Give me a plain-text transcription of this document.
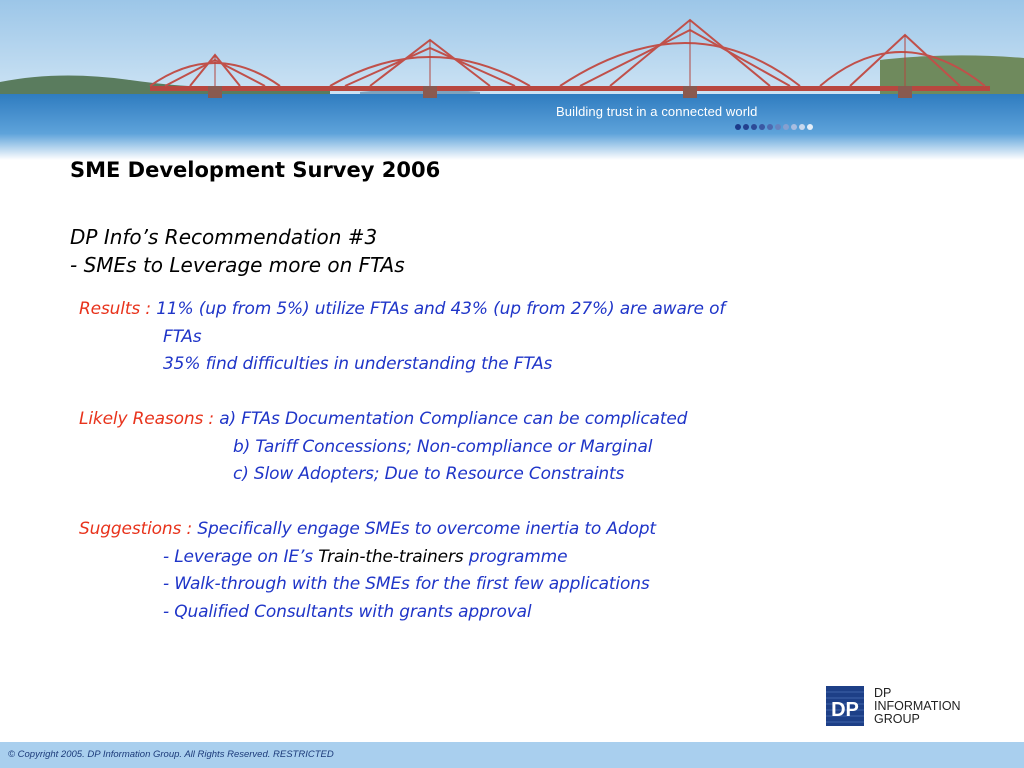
Building trust in a connected world
SME Development Survey 2006
DP Info’s Recommendation #3
- SMEs to Leverage more on FTAs
Results : 11% (up from 5%) utilize FTAs and 43% (up from 27%) are aware of
FTAs
35% find difficulties in understanding the FTAs
Likely Reasons : a) FTAs Documentation Compliance can be complicated
b) Tariff Concessions; Non-compliance or Marginal
c) Slow Adopters; Due to Resource Constraints
Suggestions : Specifically engage SMEs to overcome inertia to Adopt
- Leverage on IE’s Train-the-trainers programme
- Walk-through with the SMEs for the first few applications
- Qualified Consultants with grants approval
DP
DP
INFORMATION
GROUP
© Copyright 2005. DP Information Group. All Rights Reserved. RESTRICTED
